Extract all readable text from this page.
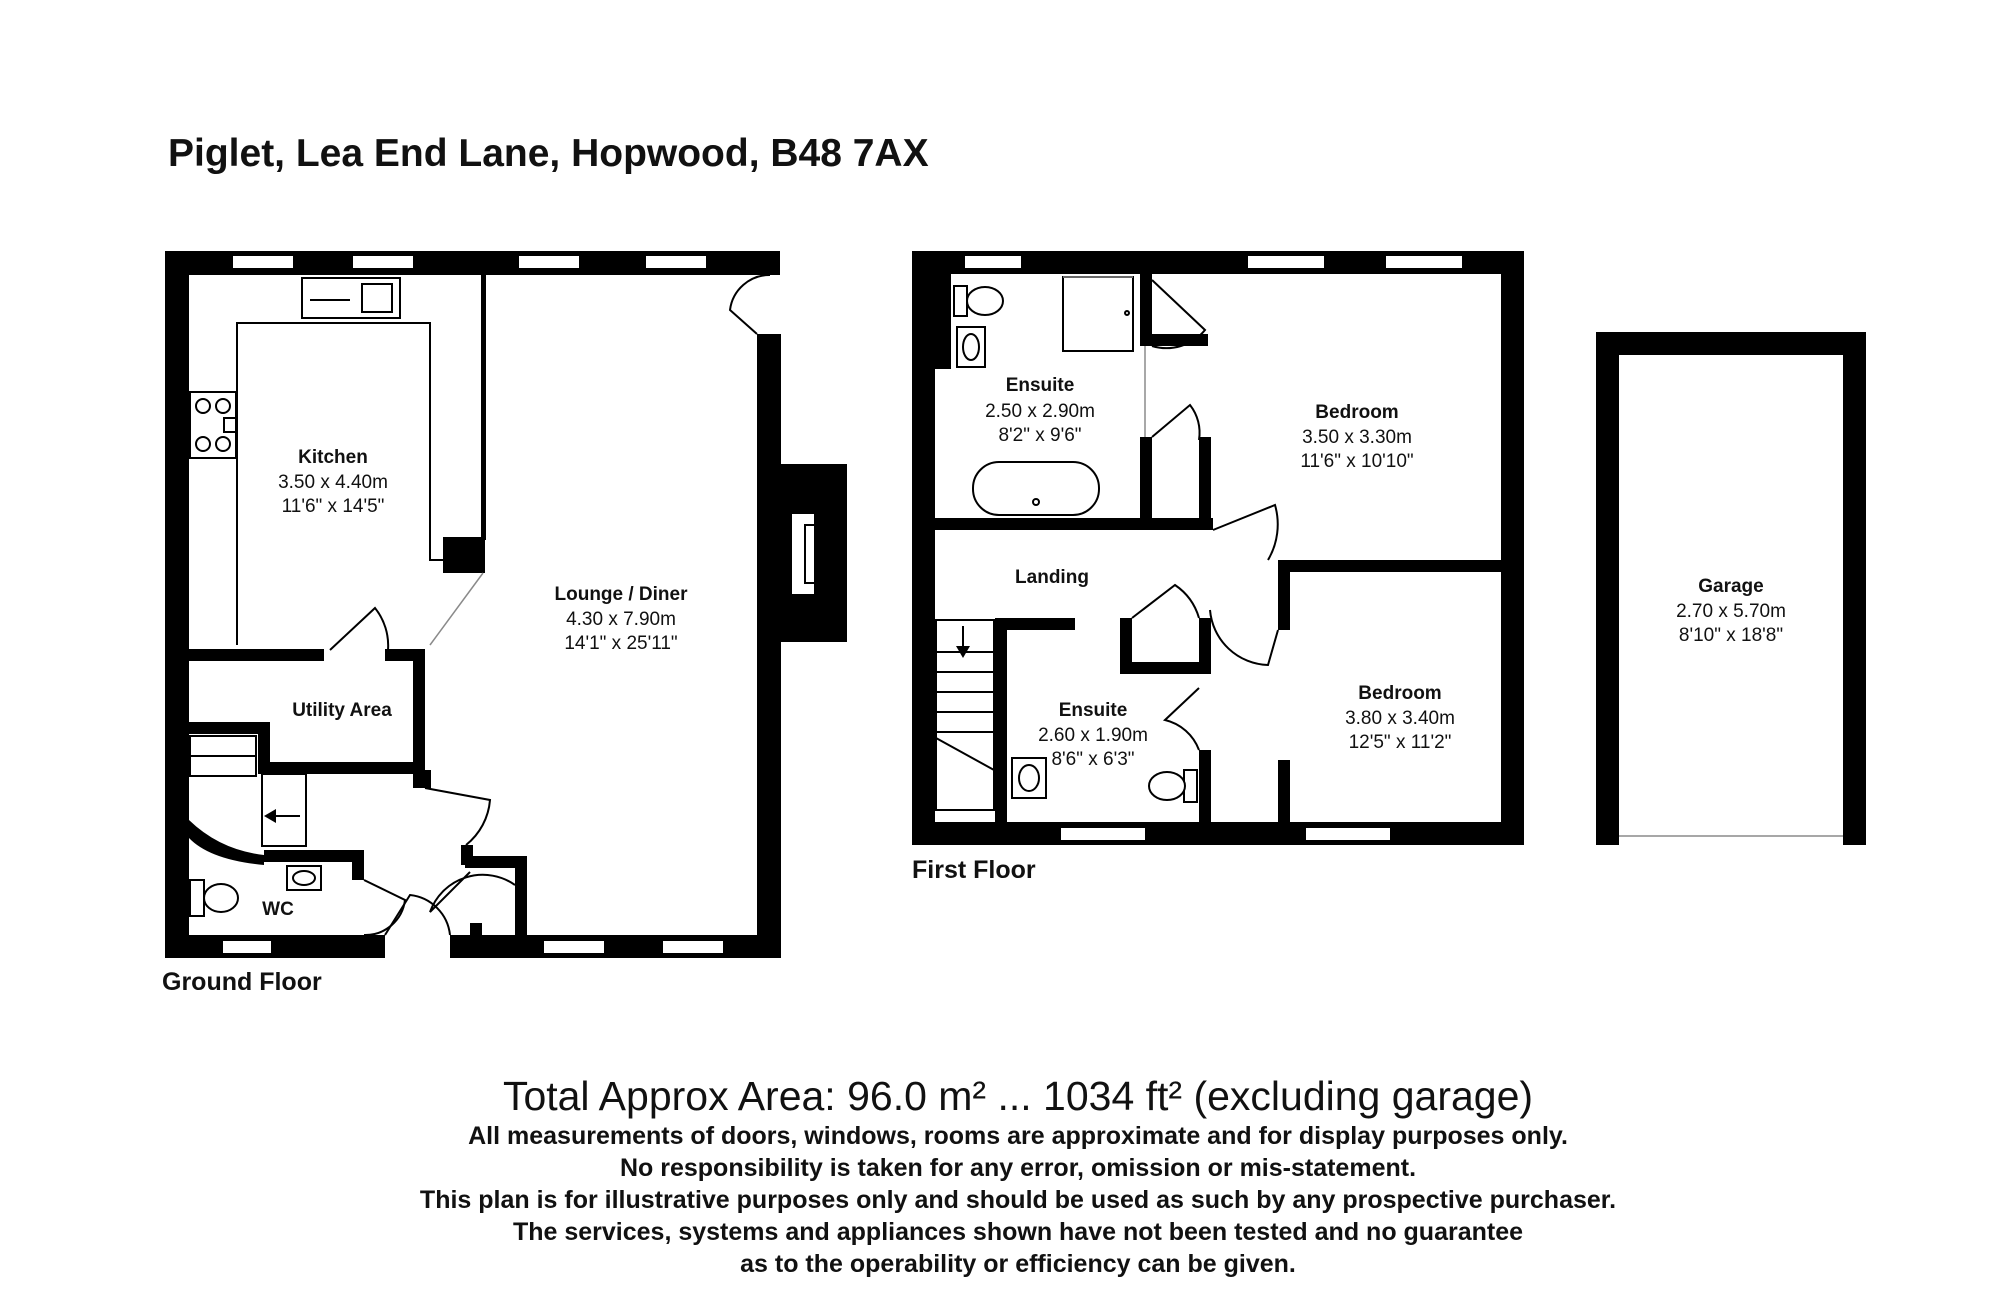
Piglet, Lea End Lane, Hopwood, B48 7AX
Kitchen
3.50 x 4.40m
11'6" x 14'5"
Lounge / Diner
4.30 x 7.90m
14'1" x 25'11"
Utility Area
WC
Ensuite
2.50 x 2.90m
8'2" x 9'6"
Bedroom
3.50 x 3.30m
11'6" x 10'10"
Landing
Ensuite
2.60 x 1.90m
8'6" x 6'3"
Bedroom
3.80 x 3.40m
12'5" x 11'2"
Garage
2.70 x 5.70m
8'10" x 18'8"
Ground Floor
First Floor
Total Approx Area: 96.0 m² ... 1034 ft² (excluding garage)
All measurements of doors, windows, rooms are approximate and for display purposes only.
No responsibility is taken for any error, omission or mis-statement.
This plan is for illustrative purposes only and should be used as such by any prospective purchaser.
The services, systems and appliances shown have not been tested and no guarantee
as to the operability or efficiency can be given.
